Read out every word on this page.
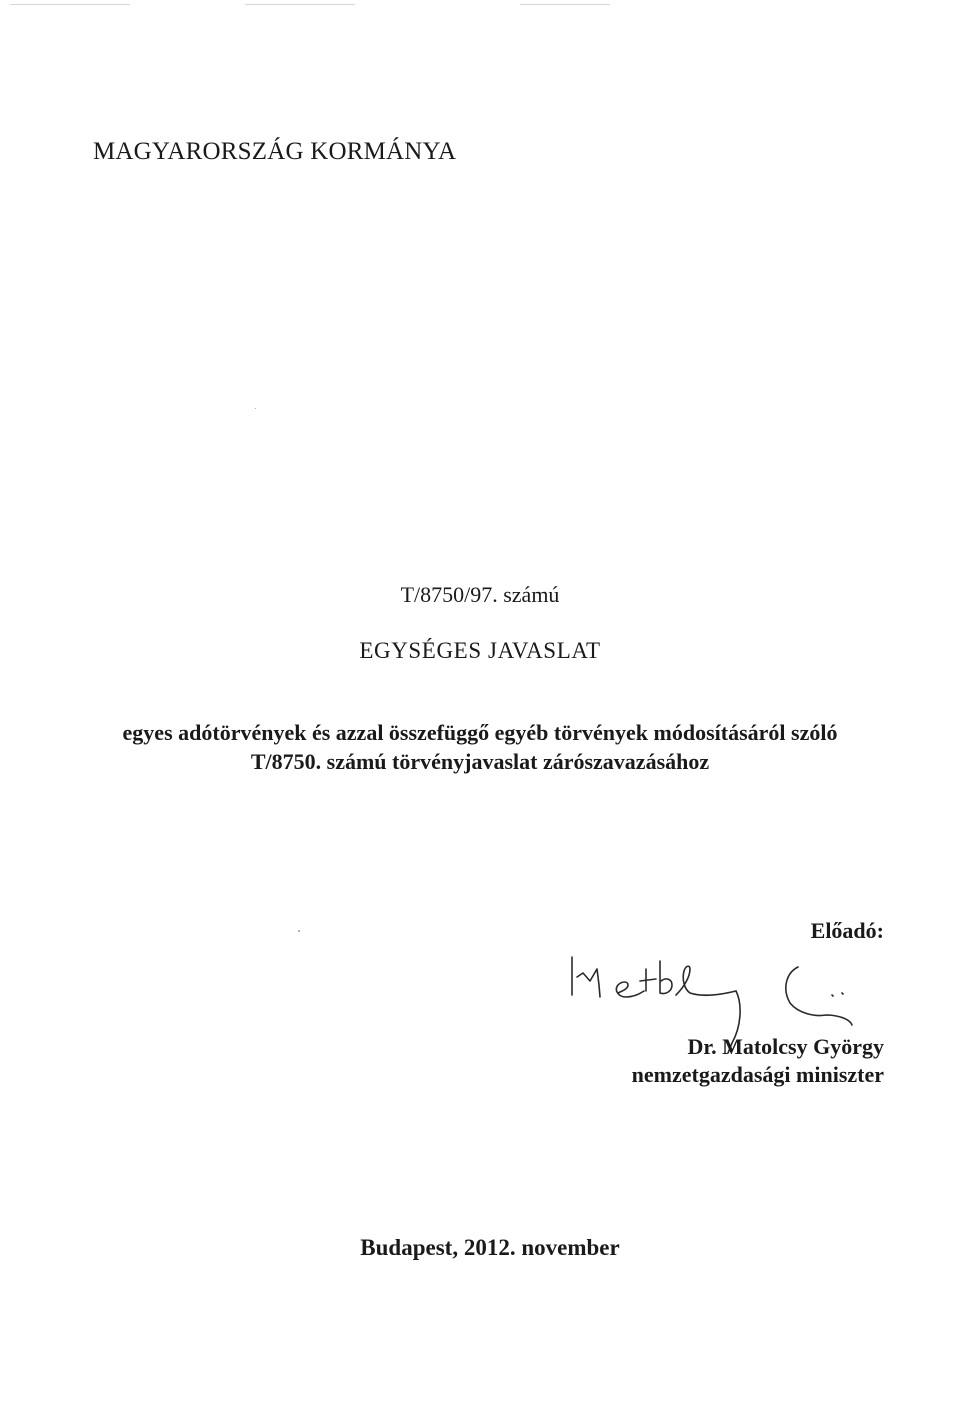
MAGYARORSZÁG KORMÁNYA
T/8750/97. számú
EGYSÉGES JAVASLAT
egyes adótörvények és azzal összefüggő egyéb törvények módosításáról szóló
T/8750. számú törvényjavaslat zárószavazásához
Előadó:
Dr. Matolcsy György
nemzetgazdasági miniszter
Budapest, 2012. november
